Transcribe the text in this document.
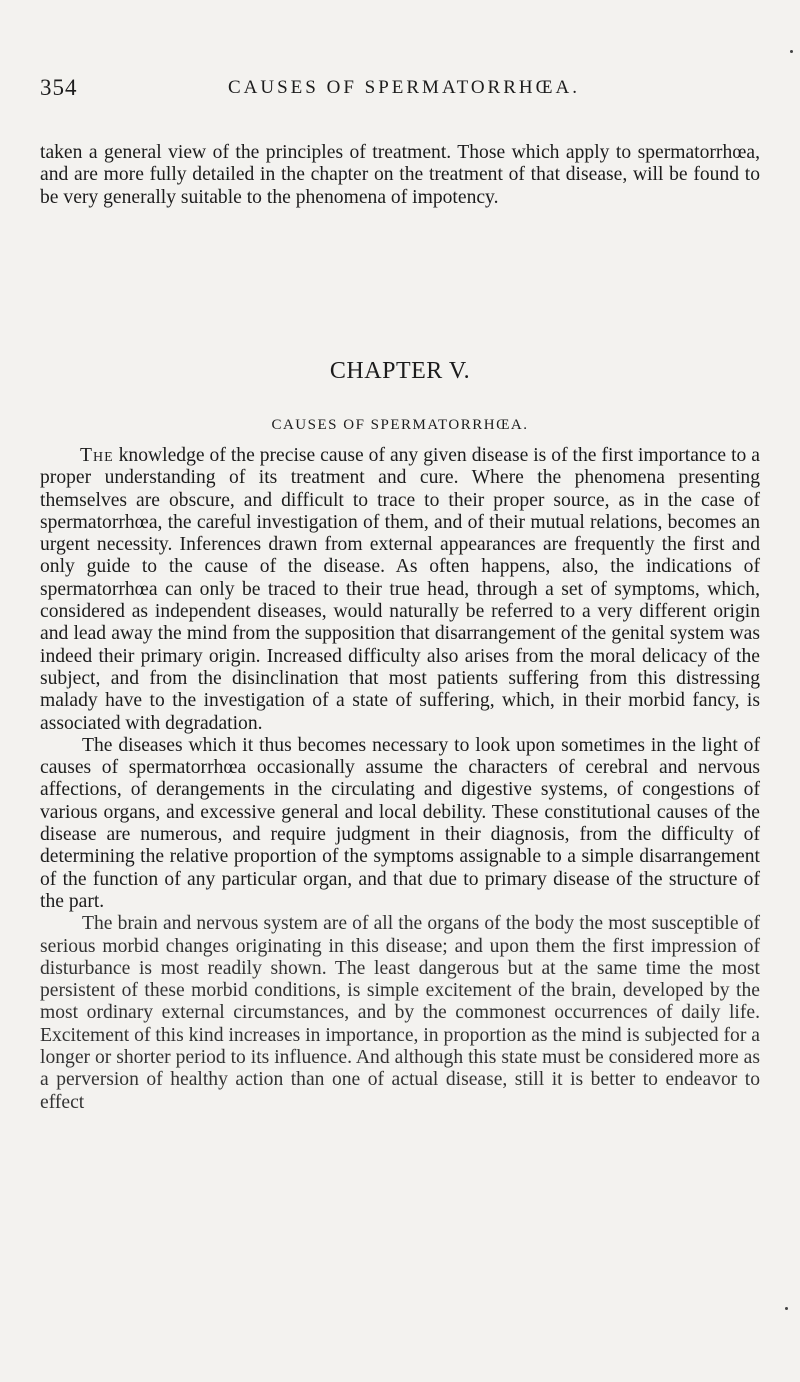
354	CAUSES OF SPERMATORRHŒA.

taken a general view of the principles of treatment. Those which apply to spermatorrhœa, and are more fully detailed in the chapter on the treatment of that disease, will be found to be very generally suitable to the phenomena of impotency.

CHAPTER V.
CAUSES OF SPERMATORRHŒA.

The knowledge of the precise cause of any given disease is of the first importance to a proper understanding of its treatment and cure. Where the phenomena presenting themselves are obscure, and difficult to trace to their proper source, as in the case of spermatorrhœa, the careful investigation of them, and of their mutual relations, becomes an urgent necessity. Inferences drawn from external appearances are frequently the first and only guide to the cause of the disease. As often happens, also, the indications of spermatorrhœa can only be traced to their true head, through a set of symptoms, which, considered as independent diseases, would naturally be referred to a very different origin and lead away the mind from the supposition that disarrangement of the genital system was indeed their primary origin. Increased difficulty also arises from the moral delicacy of the subject, and from the disinclination that most patients suffering from this distressing malady have to the investigation of a state of suffering, which, in their morbid fancy, is associated with degradation.

The diseases which it thus becomes necessary to look upon sometimes in the light of causes of spermatorrhœa occasionally assume the characters of cerebral and nervous affections, of derangements in the circulating and digestive systems, of congestions of various organs, and excessive general and local debility. These constitutional causes of the disease are numerous, and require judgment in their diagnosis, from the difficulty of determining the relative proportion of the symptoms assignable to a simple disarrangement of the function of any particular organ, and that due to primary disease of the structure of the part.

The brain and nervous system are of all the organs of the body the most susceptible of serious morbid changes originating in this disease; and upon them the first impression of disturbance is most readily shown. The least dangerous but at the same time the most persistent of these morbid conditions, is simple excitement of the brain, developed by the most ordinary external circumstances, and by the commonest occurrences of daily life. Excitement of this kind increases in importance, in proportion as the mind is subjected for a longer or shorter period to its influence. And although this state must be considered more as a perversion of healthy action than one of actual disease, still it is better to endeavor to effect
